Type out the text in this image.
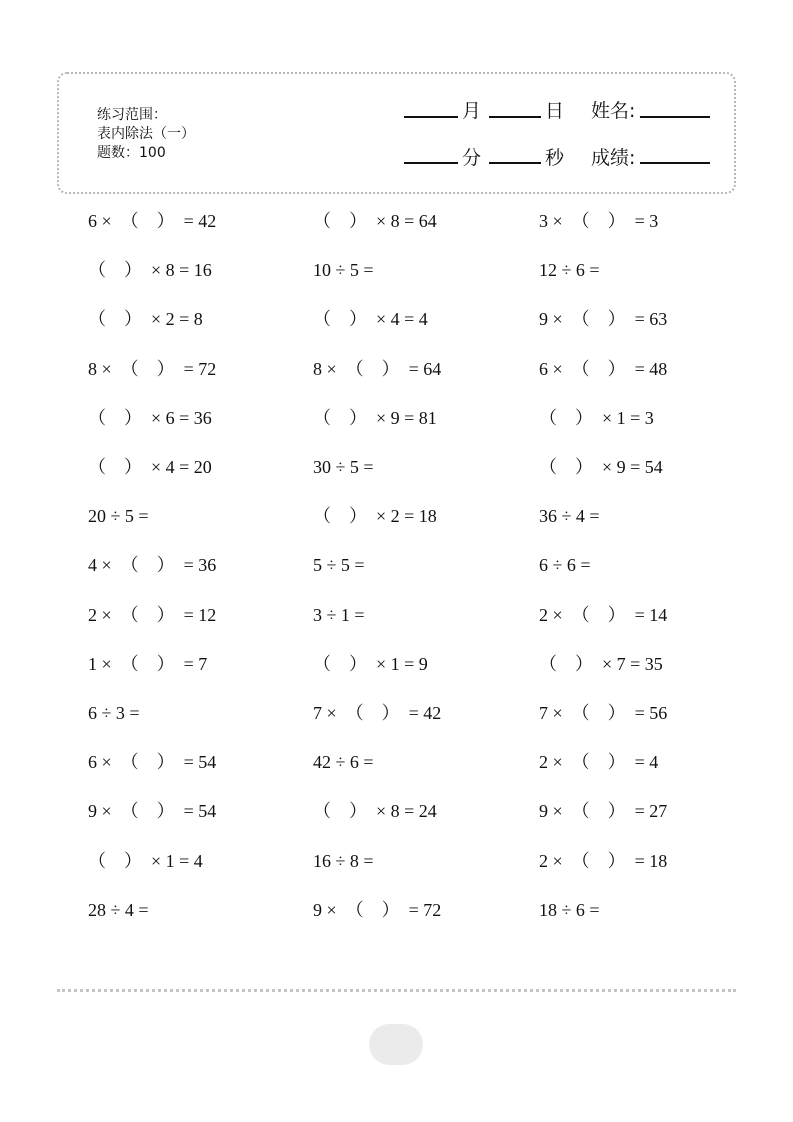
练习范围：
表内除法（一）
题数：100
月	日 姓名:
分	秒 成绩:
6 ×  （    ）  = 42
（    ）  × 8 = 16
（    ）  × 2 = 8
8 ×  （    ）  = 72
（    ）  × 6 = 36
（    ）  × 4 = 20
20 ÷ 5 =
4 ×  （    ）  = 36
2 ×  （    ）  = 12
1 ×  （    ）  = 7
6 ÷ 3 =
6 ×  （    ）  = 54
9 ×  （    ）  = 54
（    ）  × 1 = 4
28 ÷ 4 =
（    ）  × 8 = 64
10 ÷ 5 =
（    ）  × 4 = 4
8 ×  （    ）  = 64
（    ）  × 9 = 81
30 ÷ 5 =
（    ）  × 2 = 18
5 ÷ 5 =
3 ÷ 1 =
（    ）  × 1 = 9
7 ×  （    ）  = 42
42 ÷ 6 =
（    ）  × 8 = 24
16 ÷ 8 =
9 ×  （    ）  = 72
3 ×  （    ）  = 3
12 ÷ 6 =
9 ×  （    ）  = 63
6 ×  （    ）  = 48
（    ）  × 1 = 3
（    ）  × 9 = 54
36 ÷ 4 =
6 ÷ 6 =
2 ×  （    ）  = 14
（    ）  × 7 = 35
7 ×  （    ）  = 56
2 ×  （    ）  = 4
9 ×  （    ）  = 27
2 ×  （    ）  = 18
18 ÷ 6 =
